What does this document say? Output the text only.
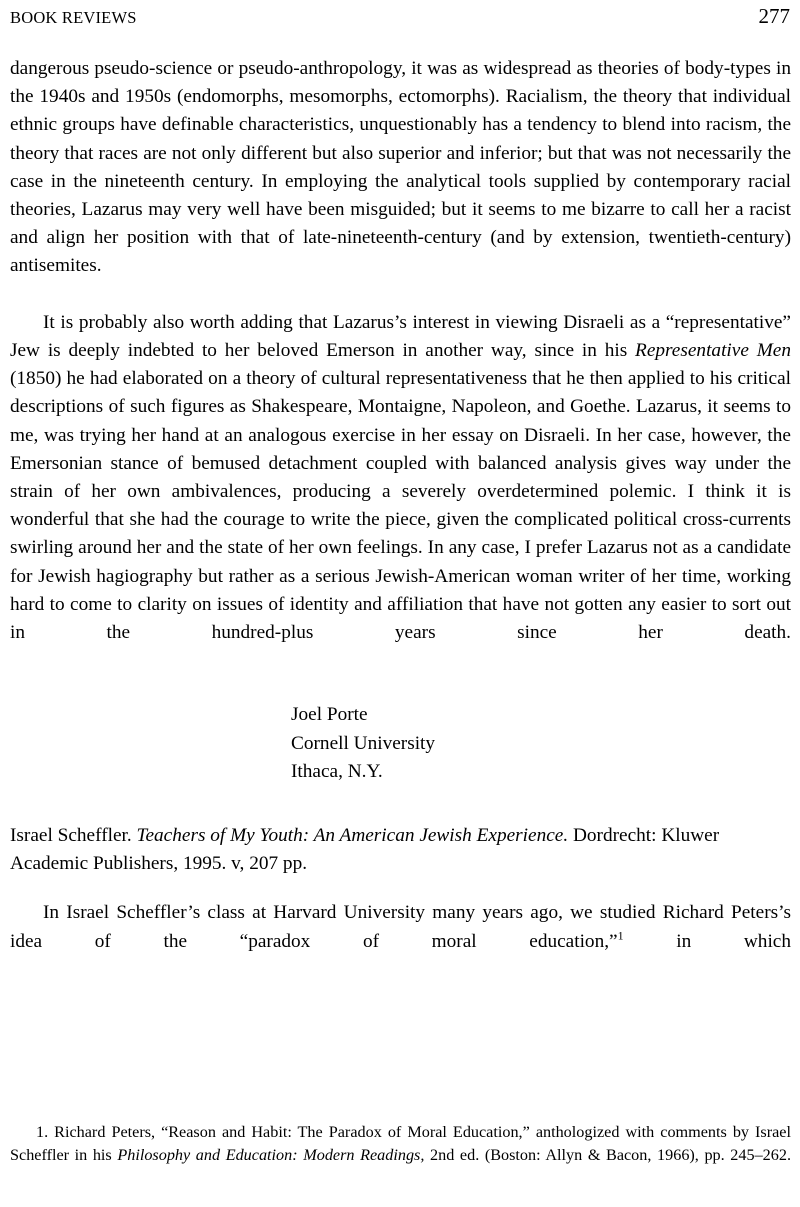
BOOK REVIEWS	277

dangerous pseudo-science or pseudo-anthropology, it was as widespread as theories of body-types in the 1940s and 1950s (endomorphs, mesomorphs, ectomorphs). Racialism, the theory that individual ethnic groups have definable characteristics, unquestionably has a tendency to blend into racism, the theory that races are not only different but also superior and inferior; but that was not necessarily the case in the nineteenth century. In employing the analytical tools supplied by contemporary racial theories, Lazarus may very well have been misguided; but it seems to me bizarre to call her a racist and align her position with that of late-nineteenth-century (and by extension, twentieth-century) antisemites.

It is probably also worth adding that Lazarus’s interest in viewing Disraeli as a “representative” Jew is deeply indebted to her beloved Emerson in another way, since in his Representative Men (1850) he had elaborated on a theory of cultural representativeness that he then applied to his critical descriptions of such figures as Shakespeare, Montaigne, Napoleon, and Goethe. Lazarus, it seems to me, was trying her hand at an analogous exercise in her essay on Disraeli. In her case, however, the Emersonian stance of bemused detachment coupled with balanced analysis gives way under the strain of her own ambivalences, producing a severely overdetermined polemic. I think it is wonderful that she had the courage to write the piece, given the complicated political cross-currents swirling around her and the state of her own feelings. In any case, I prefer Lazarus not as a candidate for Jewish hagiography but rather as a serious Jewish-American woman writer of her time, working hard to come to clarity on issues of identity and affiliation that have not gotten any easier to sort out in the hundred-plus years since her death.

Joel Porte
Cornell University
Ithaca, N.Y.
Israel Scheffler. Teachers of My Youth: An American Jewish Experience. Dordrecht: Kluwer Academic Publishers, 1995. v, 207 pp.

In Israel Scheffler’s class at Harvard University many years ago, we studied Richard Peters’s idea of the “paradox of moral education,”$^1$ in which

1. Richard Peters, “Reason and Habit: The Paradox of Moral Education,” anthologized with comments by Israel Scheffler in his Philosophy and Education: Modern Readings, 2nd ed. (Boston: Allyn & Bacon, 1966), pp. 245–262.
